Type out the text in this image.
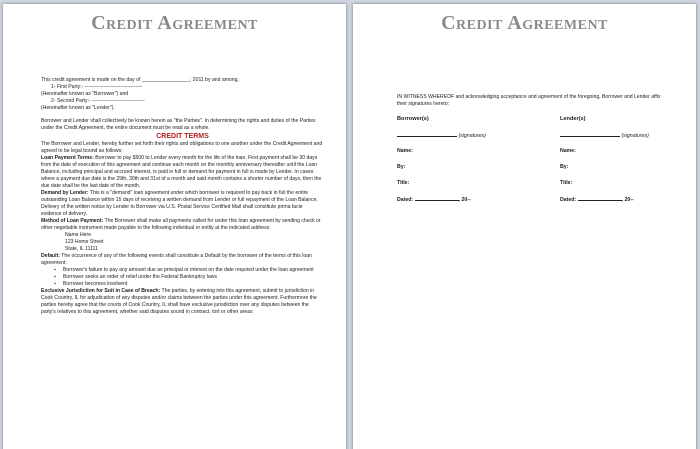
Credit Agreement

This credit agreement is made on the day of _________________; 2011 by and among,

1- First Party:- ----------------------------------

(Hereinafter known as "Borrower") and

2- Second Party:- -------------------------------

(Hereinafter known as "Lender").

Borrower and Lender shall collectively be known herein as "the Parties". In determining the rights and duties of the Parties under the Credit Agreement, the entire document must be read as a whole.

CREDIT TERMS

The Borrower and Lender, hereby further set forth their rights and obligations to one another under the Credit Agreement and agreed to be legal bound as follows:

Loan Payment Terms: Borrower to pay $500 to Lender every month for the life of the loan. First payment shall be 30 days from the date of execution of this agreement and continue each month on the monthly anniversary thereafter until the Loan Balance, including principal and accrued interest, is paid in full or demand for payment in full is made by Lender. In cases where a payment due date is the 29th, 30th and 31st of a month and said month contains a shorter number of days, then the due date shall be the last date of the month.

Demand by Lender: This is a "demand" loan agreement under which borrower is required to pay back in full the entire outstanding Loan Balance within 15 days of receiving a written demand from Lender or full repayment of the Loan Balance. Delivery of the written notice by Lender to Borrower via U.S. Postal Service Certified Mail shall constitute prima facie evidence of delivery.

Method of Loan Payment: The Borrower shall make all payments called for under this loan agreement by sending check or other negotiable instrument made payable to the following individual or entity at the indicated address:

Name Here

123 Home Street

State, IL 11111

Default: The occurrence of any of the following events shall constitute a Default by the borrower of the terms of this loan agreement:

▪ Borrower's failure to pay any amount due as principal or interest on the date required under the loan agreement

▪ Borrower seeks an order of relief under the Federal Bankruptcy laws

▪ Borrower becomes insolvent

Exclusive Jurisdiction for Suit in Case of Breach: The parties, by entering into this agreement, submit to jurisdiction in Cook Country, IL for adjudication of any disputes and/or claims between the parties under this agreement. Furthermore the parties hereby agree that the courts of Cook Country, IL shall have exclusive jurisdiction over any disputes between the party's relatives to this agreement, whether said disputes sound in contract, tort or other areas

Credit Agreement
IN WITNESS WHEREOF and acknowledging acceptance and agreement of the foregoing, Borrower and Lender affix their signatures hereto:
Borrower(s)
(signatures)
Name:
By:
Title:
Dated:	, 20--
Lender(s)
(signatures)
Name:
By:
Title:
Dated:	, 20--
